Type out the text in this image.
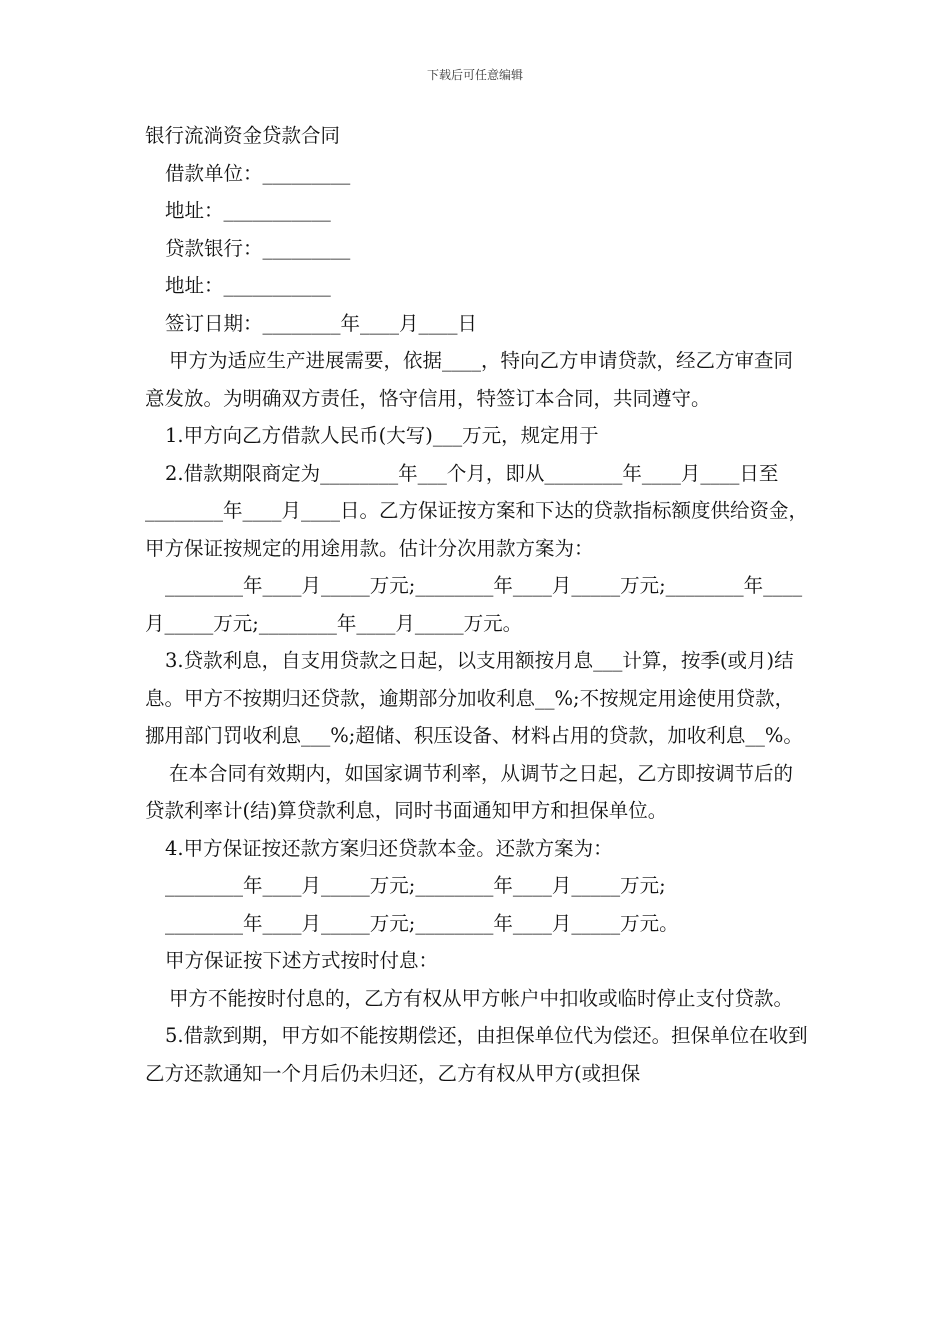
下载后可任意编辑

银行流淌资金贷款合同

借款单位：_________

地址：___________

贷款银行：_________

地址：___________

签订日期：________年____月____日

甲方为适应生产进展需要，依据____，特向乙方申请贷款，经乙方审查同意发放。为明确双方责任，恪守信用，特签订本合同，共同遵守。

1.甲方向乙方借款人民币(大写)___万元，规定用于

2.借款期限商定为________年___个月，即从________年____月____日至________年____月____日。乙方保证按方案和下达的贷款指标额度供给资金，甲方保证按规定的用途用款。估计分次用款方案为：

________年____月_____万元;________年____月_____万元;________年____月_____万元;________年____月_____万元。

3.贷款利息，自支用贷款之日起，以支用额按月息___计算，按季(或月)结息。甲方不按期归还贷款，逾期部分加收利息__%;不按规定用途使用贷款，挪用部门罚收利息___%;超储、积压设备、材料占用的贷款，加收利息__%。

在本合同有效期内，如国家调节利率，从调节之日起，乙方即按调节后的贷款利率计(结)算贷款利息，同时书面通知甲方和担保单位。

4.甲方保证按还款方案归还贷款本金。还款方案为：

________年____月_____万元;________年____月_____万元;

________年____月_____万元;________年____月_____万元。

甲方保证按下述方式按时付息：

甲方不能按时付息的，乙方有权从甲方帐户中扣收或临时停止支付贷款。

5.借款到期，甲方如不能按期偿还，由担保单位代为偿还。担保单位在收到乙方还款通知一个月后仍未归还，乙方有权从甲方(或担保
